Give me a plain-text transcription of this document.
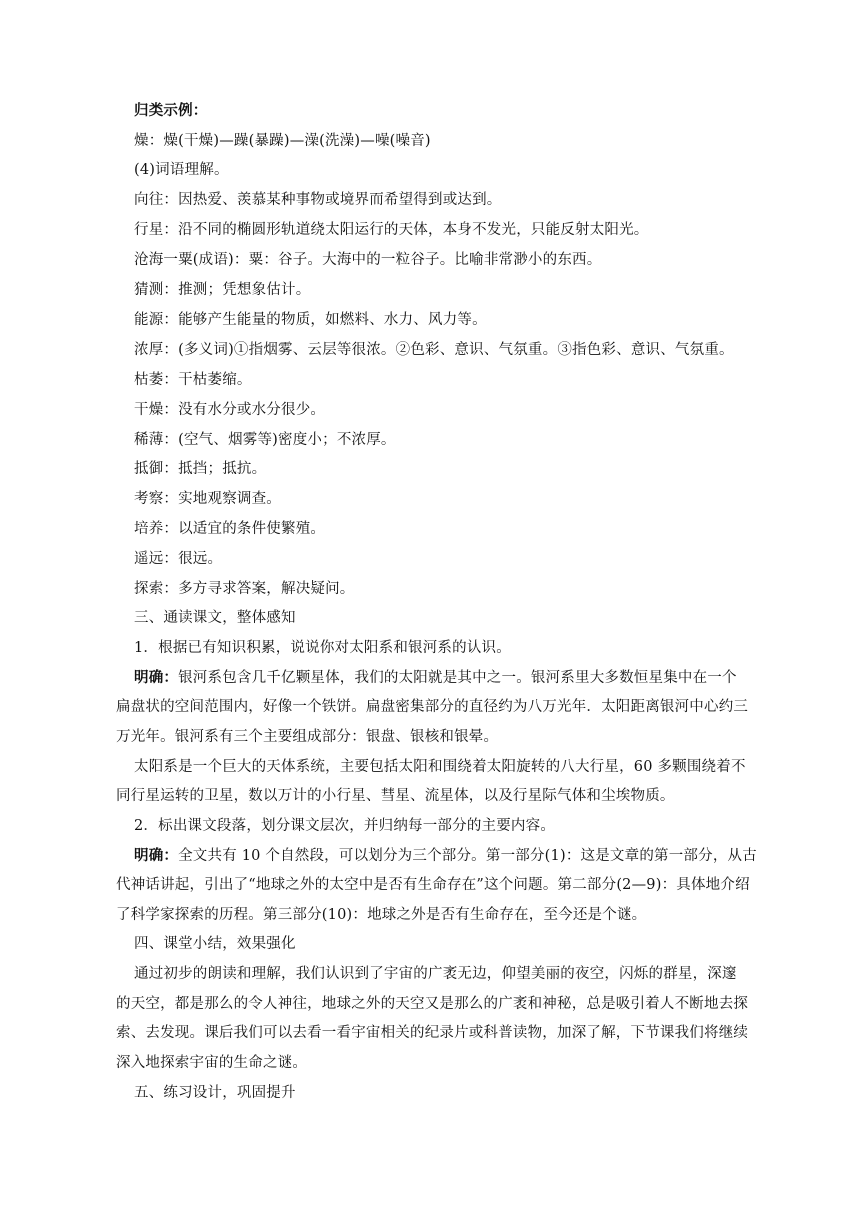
归类示例：
燥：燥(干燥)—躁(暴躁)—澡(洗澡)—噪(噪音)
(4)词语理解。
向往：因热爱、羡慕某种事物或境界而希望得到或达到。
行星：沿不同的椭圆形轨道绕太阳运行的天体，本身不发光，只能反射太阳光。
沧海一粟(成语)：粟：谷子。大海中的一粒谷子。比喻非常渺小的东西。
猜测：推测；凭想象估计。
能源：能够产生能量的物质，如燃料、水力、风力等。
浓厚：(多义词)①指烟雾、云层等很浓。②色彩、意识、气氛重。③指色彩、意识、气氛重。
枯萎：干枯萎缩。
干燥：没有水分或水分很少。
稀薄：(空气、烟雾等)密度小；不浓厚。
抵御：抵挡；抵抗。
考察：实地观察调查。
培养：以适宜的条件使繁殖。
遥远：很远。
探索：多方寻求答案，解决疑问。
三、通读课文，整体感知
1．根据已有知识积累，说说你对太阳系和银河系的认识。
明确：银河系包含几千亿颗星体，我们的太阳就是其中之一。银河系里大多数恒星集中在一个
扁盘状的空间范围内，好像一个铁饼。扁盘密集部分的直径约为八万光年．太阳距离银河中心约三
万光年。银河系有三个主要组成部分：银盘、银核和银晕。
太阳系是一个巨大的天体系统，主要包括太阳和围绕着太阳旋转的八大行星，60 多颗围绕着不
同行星运转的卫星，数以万计的小行星、彗星、流星体，以及行星际气体和尘埃物质。
2．标出课文段落，划分课文层次，并归纳每一部分的主要内容。
明确：全文共有 10 个自然段，可以划分为三个部分。第一部分(1)：这是文章的第一部分，从古
代神话讲起，引出了“地球之外的太空中是否有生命存在”这个问题。第二部分(2—9)：具体地介绍
了科学家探索的历程。第三部分(10)：地球之外是否有生命存在，至今还是个谜。
四、课堂小结，效果强化
通过初步的朗读和理解，我们认识到了宇宙的广袤无边，仰望美丽的夜空，闪烁的群星，深邃
的天空，都是那么的令人神往，地球之外的天空又是那么的广袤和神秘，总是吸引着人不断地去探
索、去发现。课后我们可以去看一看宇宙相关的纪录片或科普读物，加深了解，下节课我们将继续
深入地探索宇宙的生命之谜。
五、练习设计，巩固提升
